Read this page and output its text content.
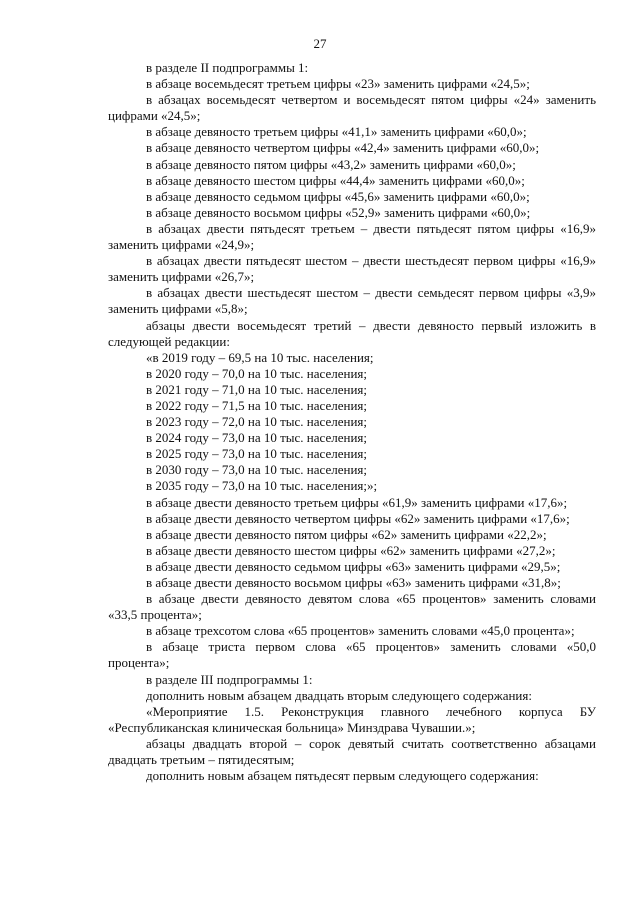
27

в разделе II подпрограммы 1:

в абзаце восемьдесят третьем цифры «23» заменить цифрами «24,5»;

в абзацах восемьдесят четвертом и восемьдесят пятом цифры «24» заменить цифрами «24,5»;

в абзаце девяносто третьем цифры «41,1» заменить цифрами «60,0»;

в абзаце девяносто четвертом цифры «42,4» заменить цифрами «60,0»;

в абзаце девяносто пятом цифры «43,2» заменить цифрами «60,0»;

в абзаце девяносто шестом цифры «44,4» заменить цифрами «60,0»;

в абзаце девяносто седьмом цифры «45,6» заменить цифрами «60,0»;

в абзаце девяносто восьмом цифры «52,9» заменить цифрами «60,0»;

в абзацах двести пятьдесят третьем – двести пятьдесят пятом цифры «16,9» заменить цифрами «24,9»;

в абзацах двести пятьдесят шестом – двести шестьдесят первом цифры «16,9» заменить цифрами «26,7»;

в абзацах двести шестьдесят шестом – двести семьдесят первом цифры «3,9» заменить цифрами «5,8»;

абзацы двести восемьдесят третий – двести девяносто первый изложить в следующей редакции:

«в 2019 году – 69,5 на 10 тыс. населения;

в 2020 году – 70,0 на 10 тыс. населения;

в 2021 году – 71,0 на 10 тыс. населения;

в 2022 году – 71,5 на 10 тыс. населения;

в 2023 году – 72,0 на 10 тыс. населения;

в 2024 году – 73,0 на 10 тыс. населения;

в 2025 году – 73,0 на 10 тыс. населения;

в 2030 году – 73,0 на 10 тыс. населения;

в 2035 году – 73,0 на 10 тыс. населения;»;

в абзаце двести девяносто третьем цифры «61,9» заменить цифрами «17,6»;

в абзаце двести девяносто четвертом цифры «62» заменить цифрами «17,6»;

в абзаце двести девяносто пятом цифры «62» заменить цифрами «22,2»;

в абзаце двести девяносто шестом цифры «62» заменить цифрами «27,2»;

в абзаце двести девяносто седьмом цифры «63» заменить цифрами «29,5»;

в абзаце двести девяносто восьмом цифры «63» заменить цифрами «31,8»;

в абзаце двести девяносто девятом слова «65 процентов» заменить словами «33,5 процента»;

в абзаце трехсотом слова «65 процентов» заменить словами «45,0 процента»;

в абзаце триста первом слова «65 процентов» заменить словами «50,0 процента»;

в разделе III подпрограммы 1:

дополнить новым абзацем двадцать вторым следующего содержания:

«Мероприятие 1.5. Реконструкция главного лечебного корпуса БУ «Республиканская клиническая больница» Минздрава Чувашии.»;

абзацы двадцать второй – сорок девятый считать соответственно абзацами двадцать третьим – пятидесятым;

дополнить новым абзацем пятьдесят первым следующего содержания:
